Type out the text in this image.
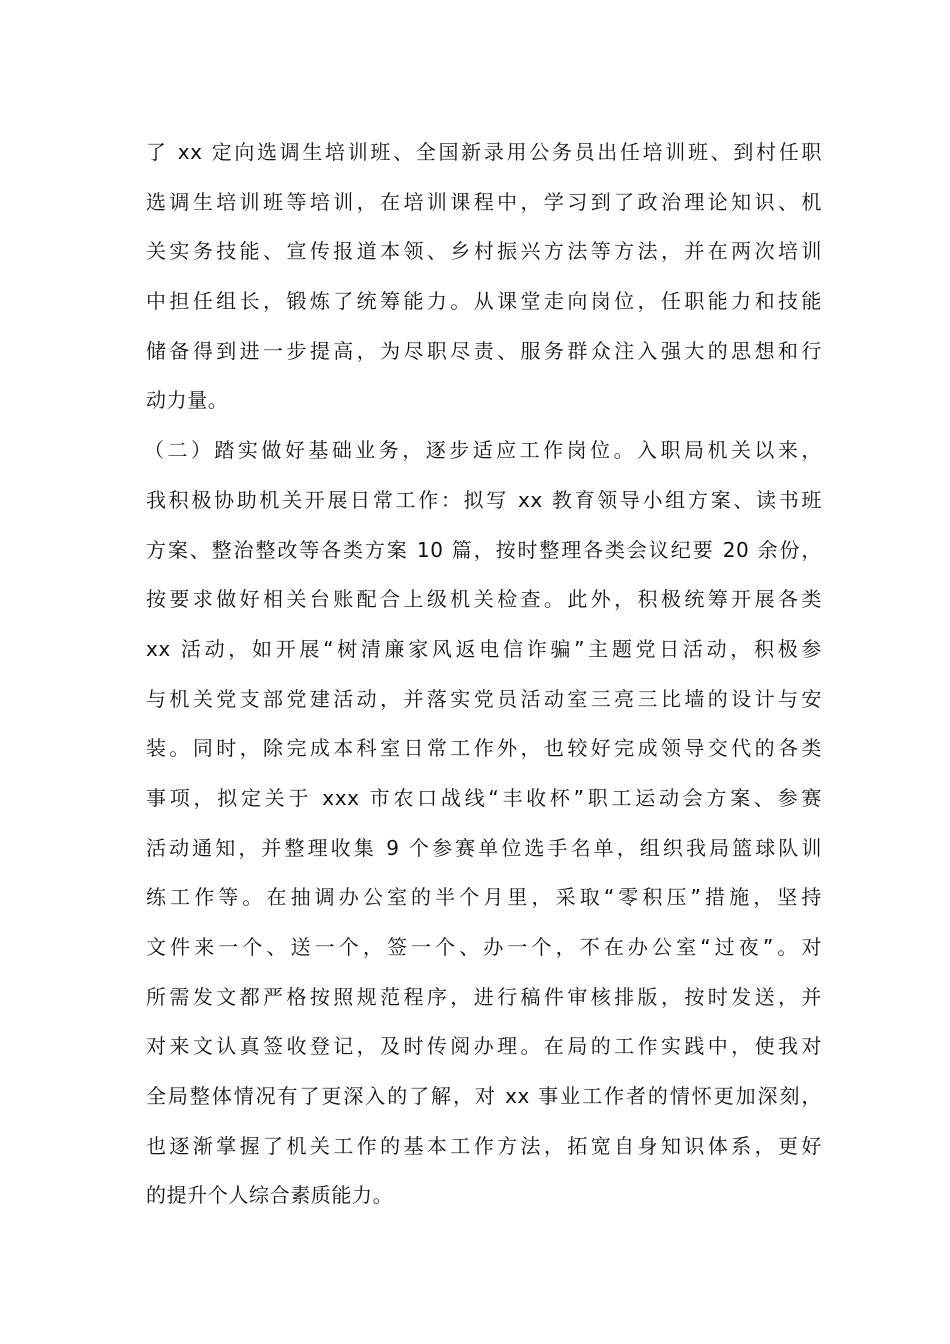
了 xx 定向选调生培训班、全国新录用公务员出任培训班、到村任职
选调生培训班等培训，在培训课程中，学习到了政治理论知识、机
关实务技能、宣传报道本领、乡村振兴方法等方法，并在两次培训
中担任组长，锻炼了统筹能力。从课堂走向岗位，任职能力和技能
储备得到进一步提高，为尽职尽责、服务群众注入强大的思想和行
动力量。
（二）踏实做好基础业务，逐步适应工作岗位。入职局机关以来，
我积极协助机关开展日常工作：拟写 xx 教育领导小组方案、读书班
方案、整治整改等各类方案 10 篇，按时整理各类会议纪要 20 余份，
按要求做好相关台账配合上级机关检查。此外，积极统筹开展各类
xx 活动，如开展“树清廉家风返电信诈骗”主题党日活动，积极参
与机关党支部党建活动，并落实党员活动室三亮三比墙的设计与安
装。同时，除完成本科室日常工作外，也较好完成领导交代的各类
事项，拟定关于 xxx 市农口战线“丰收杯”职工运动会方案、参赛
活动通知，并整理收集 9 个参赛单位选手名单，组织我局篮球队训
练工作等。在抽调办公室的半个月里，采取“零积压”措施，坚持
文件来一个、送一个，签一个、办一个，不在办公室“过夜”。对
所需发文都严格按照规范程序，进行稿件审核排版，按时发送，并
对来文认真签收登记，及时传阅办理。在局的工作实践中，使我对
全局整体情况有了更深入的了解，对 xx 事业工作者的情怀更加深刻，
也逐渐掌握了机关工作的基本工作方法，拓宽自身知识体系，更好
的提升个人综合素质能力。
